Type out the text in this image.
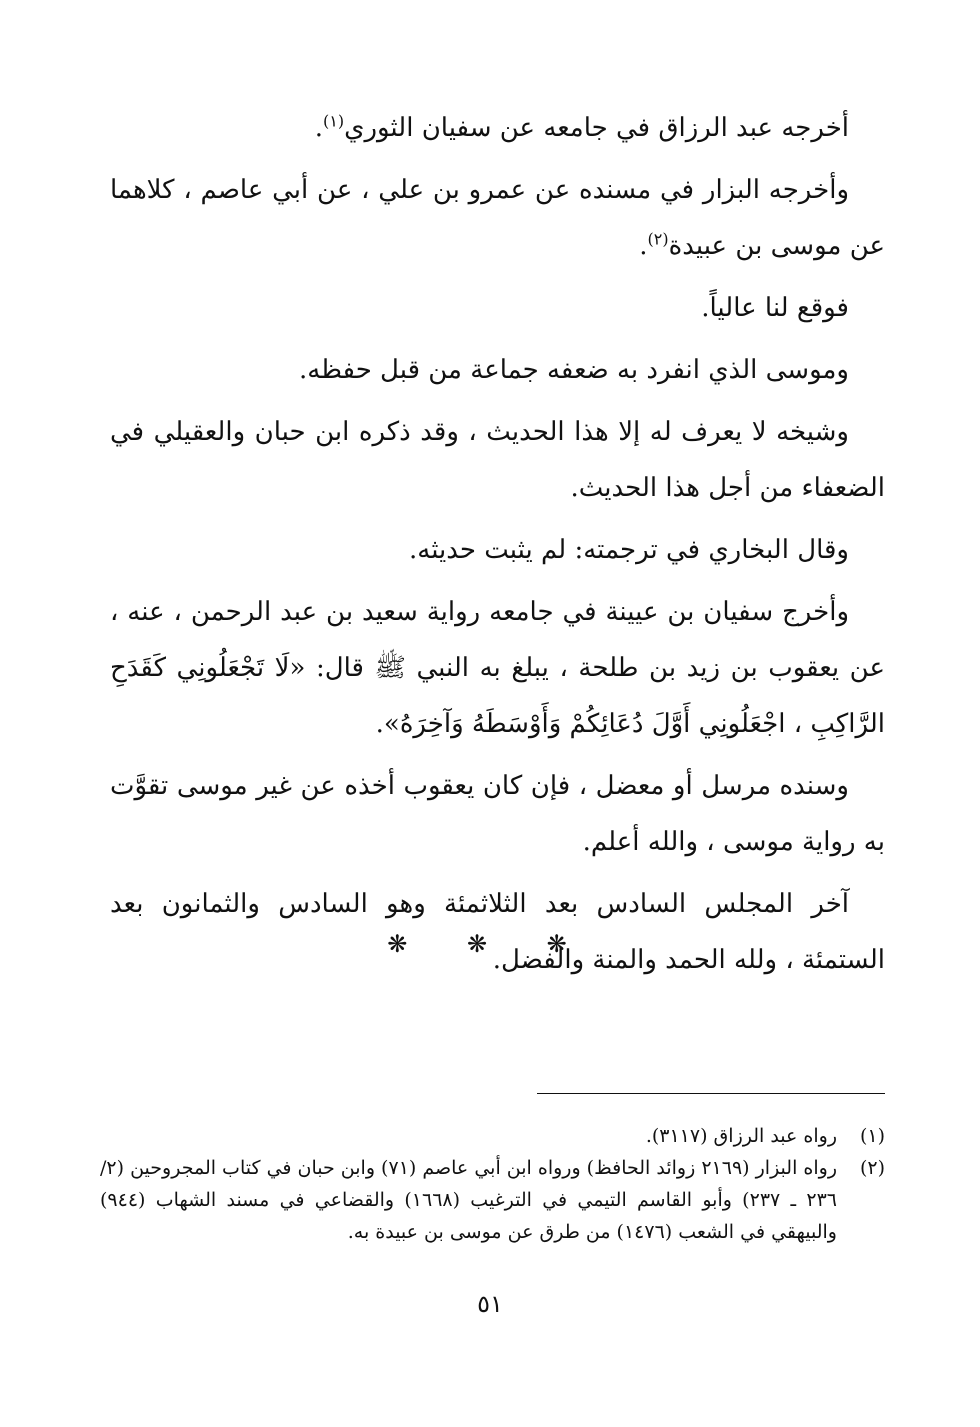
أخرجه عبد الرزاق في جامعه عن سفيان الثوري$^{(١)}$.

وأخرجه البزار في مسنده عن عمرو بن علي ، عن أبي عاصم ، كلاهما عن موسى بن عبيدة$^{(٢)}$.

فوقع لنا عالياً.

وموسى الذي انفرد به ضعفه جماعة من قبل حفظه.

وشيخه لا يعرف له إلا هذا الحديث ، وقد ذكره ابن حبان والعقيلي في الضعفاء من أجل هذا الحديث.

وقال البخاري في ترجمته: لم يثبت حديثه.

وأخرج سفيان بن عيينة في جامعه رواية سعيد بن عبد الرحمن ، عنه ، عن يعقوب بن زيد بن طلحة ، يبلغ به النبي ﷺ قال: «لَا تَجْعَلُونِي كَقَدَحِ الرَّاكِبِ ، اجْعَلُونِي أَوَّلَ دُعَائِكُمْ وَأَوْسَطَهُ وَآخِرَهُ».

وسنده مرسل أو معضل ، فإن كان يعقوب أخذه عن غير موسى تقوَّت به رواية موسى ، والله أعلم.

آخر المجلس السادس بعد الثلاثمئة وهو السادس والثمانون بعد الستمئة ، ولله الحمد والمنة والفضل.

❋ ❋ ❋
(١)
رواه عبد الرزاق (٣١١٧).
(٢)
رواه البزار (٢١٦٩ زوائد الحافظ) ورواه ابن أبي عاصم (٧١) وابن حبان في كتاب المجروحين (٢/ ٢٣٦ ـ ٢٣٧) وأبو القاسم التيمي في الترغيب (١٦٦٨) والقضاعي في مسند الشهاب (٩٤٤) والبيهقي في الشعب (١٤٧٦) من طرق عن موسى بن عبيدة به.
٥١
